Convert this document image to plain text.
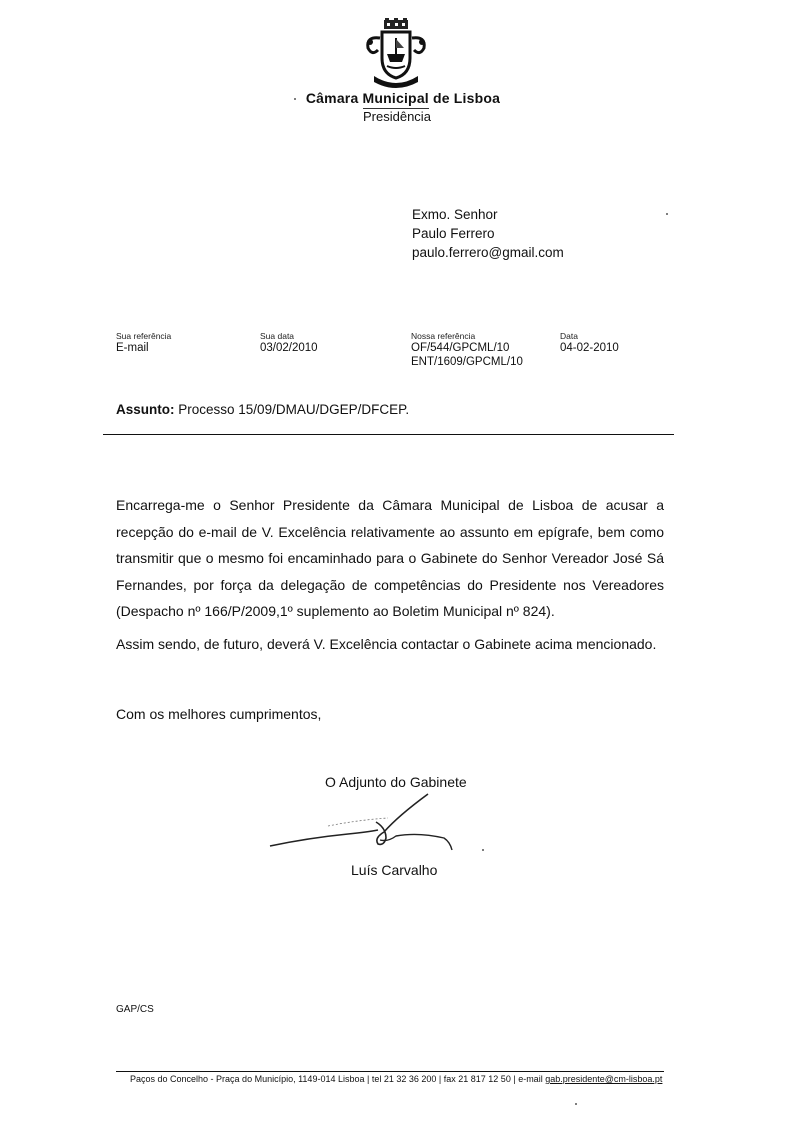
Câmara Municipal de Lisboa
Presidência
Exmo. Senhor
Paulo Ferrero
paulo.ferrero@gmail.com
Sua referência
E-mail
Sua data
03/02/2010
Nossa referência
OF/544/GPCML/10
ENT/1609/GPCML/10
Data
04-02-2010
Assunto: Processo 15/09/DMAU/DGEP/DFCEP.

Encarrega-me o Senhor Presidente da Câmara Municipal de Lisboa de acusar a recepção do e-mail de V. Excelência relativamente ao assunto em epígrafe, bem como transmitir que o mesmo foi encaminhado para o Gabinete do Senhor Vereador José Sá Fernandes, por força da delegação de competências do Presidente nos Vereadores (Despacho nº 166/P/2009,1º suplemento ao Boletim Municipal nº 824).

Assim sendo, de futuro, deverá V. Excelência contactar o Gabinete acima mencionado.

Com os melhores cumprimentos,
O Adjunto do Gabinete
Luís Carvalho
GAP/CS
Paços do Concelho - Praça do Município, 1149-014 Lisboa | tel 21 32 36 200 | fax 21 817 12 50 | e-mail gab.presidente@cm-lisboa.pt
